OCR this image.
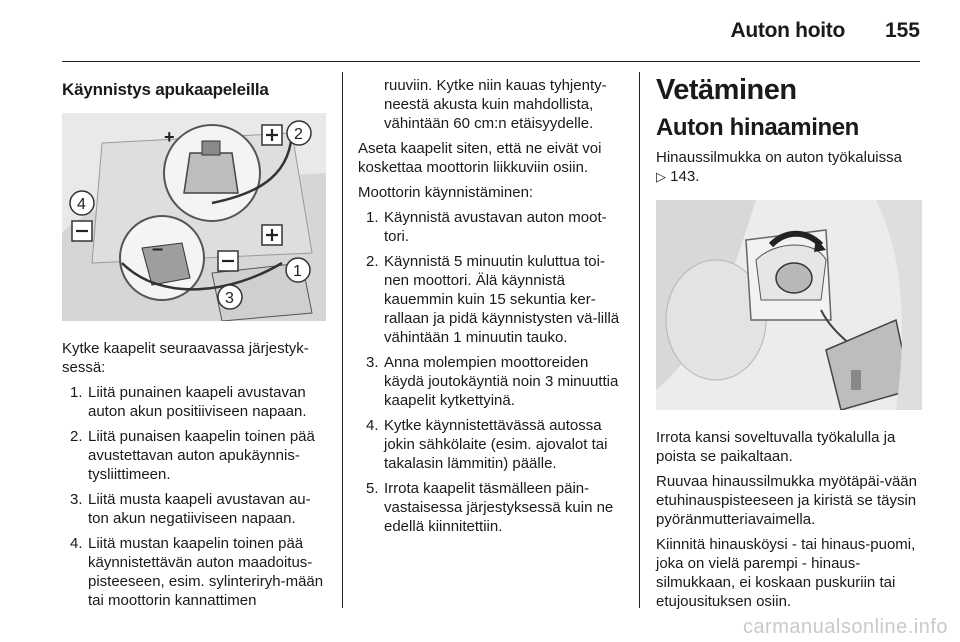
Auton hoito 155
Käynnistys apukaapeleilla
+
–
2
4
1
3

Kytke kaapelit seuraavassa järjestyk-sessä:

1. Liitä punainen kaapeli avustavan auton akun positiiviseen napaan.
2. Liitä punaisen kaapelin toinen pää avustettavan auton apukäynnis-tysliittimeen.
3. Liitä musta kaapeli avustavan au-ton akun negatiiviseen napaan.
4. Liitä mustan kaapelin toinen pää käynnistettävän auton maadoitus-pisteeseen, esim. sylinteriryh-mään tai moottorin kannattimen

ruuviin. Kytke niin kauas tyhjenty-neestä akusta kuin mahdollista, vähintään 60 cm:n etäisyydelle.

Aseta kaapelit siten, että ne eivät voi koskettaa moottorin liikkuviin osiin.

Moottorin käynnistäminen:

1. Käynnistä avustavan auton moot-tori.
2. Käynnistä 5 minuutin kuluttua toi-nen moottori. Älä käynnistä kauemmin kuin 15 sekuntia ker-rallaan ja pidä käynnistysten vä-lillä vähintään 1 minuutin tauko.
3. Anna molempien moottoreiden käydä joutokäyntiä noin 3 minuuttia kaapelit kytkettyinä.
4. Kytke käynnistettävässä autossa jokin sähkölaite (esim. ajovalot tai takalasin lämmitin) päälle.
5. Irrota kaapelit täsmälleen päin-vastaisessa järjestyksessä kuin ne edellä kiinnitettiin.
Vetäminen
Auton hinaaminen

Hinaussilmukka on auton työkaluissa
▷ 143.

Irrota kansi soveltuvalla työkalulla ja poista se paikaltaan.

Ruuvaa hinaussilmukka myötäpäi-vään etuhinauspisteeseen ja kiristä se täysin pyöränmutteriavaimella.

Kiinnitä hinausköysi - tai hinaus-puomi, joka on vielä parempi - hinaus-silmukkaan, ei koskaan puskuriin tai etujousituksen osiin.

carmanualsonline.info
